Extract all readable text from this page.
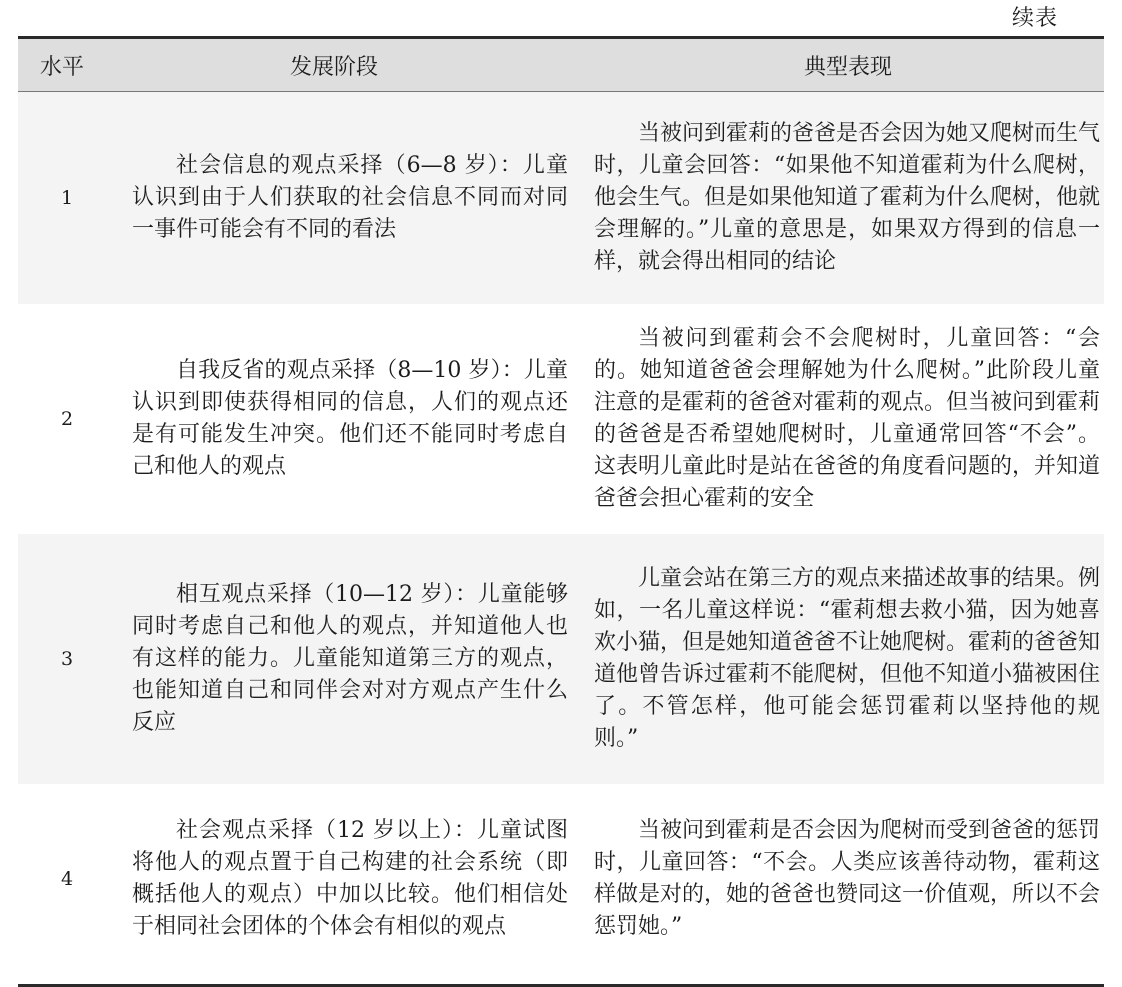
续表
水平	发展阶段	典型表现
1
社会信息的观点采择（6—8 岁）：儿童认识到由于人们获取的社会信息不同而对同一事件可能会有不同的看法
当被问到霍莉的爸爸是否会因为她又爬树而生气时，儿童会回答：“如果他不知道霍莉为什么爬树，他会生气。但是如果他知道了霍莉为什么爬树，他就会理解的。”儿童的意思是，如果双方得到的信息一样，就会得出相同的结论
2
自我反省的观点采择（8—10 岁）：儿童认识到即使获得相同的信息，人们的观点还是有可能发生冲突。他们还不能同时考虑自己和他人的观点
当被问到霍莉会不会爬树时，儿童回答：“会的。她知道爸爸会理解她为什么爬树。”此阶段儿童注意的是霍莉的爸爸对霍莉的观点。但当被问到霍莉的爸爸是否希望她爬树时，儿童通常回答“不会”。这表明儿童此时是站在爸爸的角度看问题的，并知道爸爸会担心霍莉的安全
3
相互观点采择（10—12 岁）：儿童能够同时考虑自己和他人的观点，并知道他人也有这样的能力。儿童能知道第三方的观点，也能知道自己和同伴会对对方观点产生什么反应
儿童会站在第三方的观点来描述故事的结果。例如，一名儿童这样说：“霍莉想去救小猫，因为她喜欢小猫，但是她知道爸爸不让她爬树。霍莉的爸爸知道他曾告诉过霍莉不能爬树，但他不知道小猫被困住了。不管怎样，他可能会惩罚霍莉以坚持他的规则。”
4
社会观点采择（12 岁以上）：儿童试图将他人的观点置于自己构建的社会系统（即概括他人的观点）中加以比较。他们相信处于相同社会团体的个体会有相似的观点
当被问到霍莉是否会因为爬树而受到爸爸的惩罚时，儿童回答：“不会。人类应该善待动物，霍莉这样做是对的，她的爸爸也赞同这一价值观，所以不会惩罚她。”
